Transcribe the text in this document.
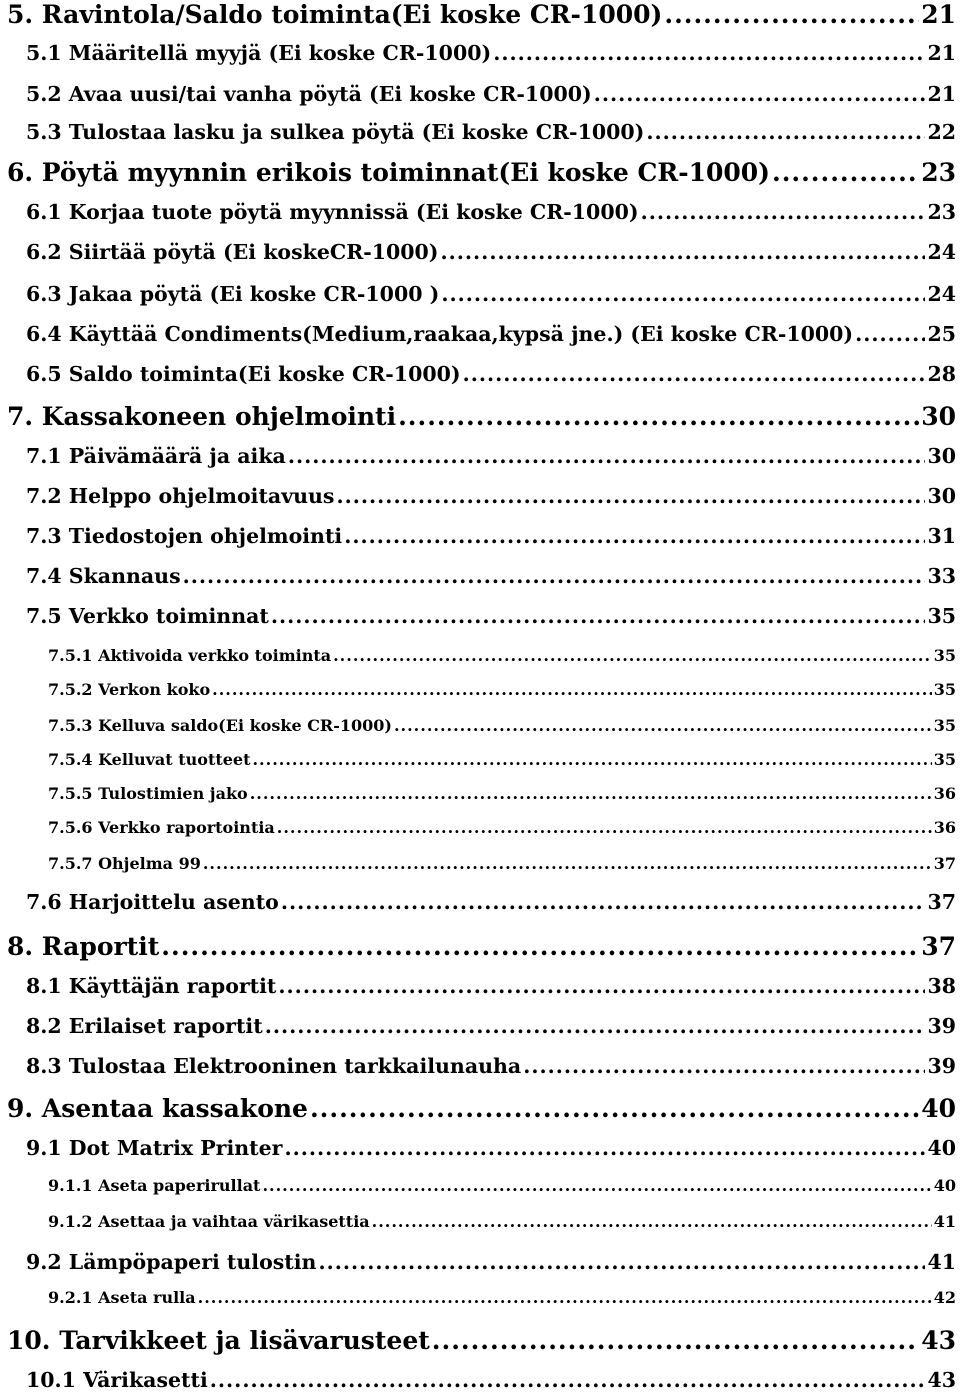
5. Ravintola/Saldo toiminta(Ei koske CR-1000) .....	21
5.1 Määritellä myyjä (Ei koske CR-1000) .....	21
5.2 Avaa uusi/tai vanha pöytä (Ei koske CR-1000) .....	21
5.3 Tulostaa lasku ja sulkea pöytä (Ei koske CR-1000) .....	22
6. Pöytä myynnin erikois toiminnat(Ei koske CR-1000) .....	23
6.1 Korjaa tuote pöytä myynnissä (Ei koske CR-1000) .....	23
6.2 Siirtää pöytä (Ei koskeCR-1000) .....	24
6.3 Jakaa pöytä (Ei koske CR-1000 ) .....	24
6.4 Käyttää Condiments(Medium,raakaa,kypsä jne.) (Ei koske CR-1000) .....	25
6.5 Saldo toiminta(Ei koske CR-1000) .....	28
7. Kassakoneen ohjelmointi .....	30
7.1 Päivämäärä ja aika .....	30
7.2 Helppo ohjelmoitavuus .....	30
7.3 Tiedostojen ohjelmointi .....	31
7.4 Skannaus .....	33
7.5 Verkko toiminnat .....	35
7.5.1 Aktivoida verkko toiminta .....	35
7.5.2 Verkon koko .....	35
7.5.3 Kelluva saldo(Ei koske CR-1000) .....	35
7.5.4 Kelluvat tuotteet .....	35
7.5.5 Tulostimien jako .....	36
7.5.6 Verkko raportointia .....	36
7.5.7 Ohjelma 99 .....	37
7.6 Harjoittelu asento .....	37
8. Raportit .....	37
8.1 Käyttäjän raportit .....	38
8.2 Erilaiset raportit .....	39
8.3 Tulostaa Elektrooninen tarkkailunauha .....	39
9. Asentaa kassakone .....	40
9.1 Dot Matrix Printer .....	40
9.1.1 Aseta paperirullat .....	40
9.1.2 Asettaa ja vaihtaa värikasettia .....	41
9.2 Lämpöpaperi tulostin .....	41
9.2.1 Aseta rulla .....	42
10. Tarvikkeet ja lisävarusteet .....	43
10.1 Värikasetti .....	43
